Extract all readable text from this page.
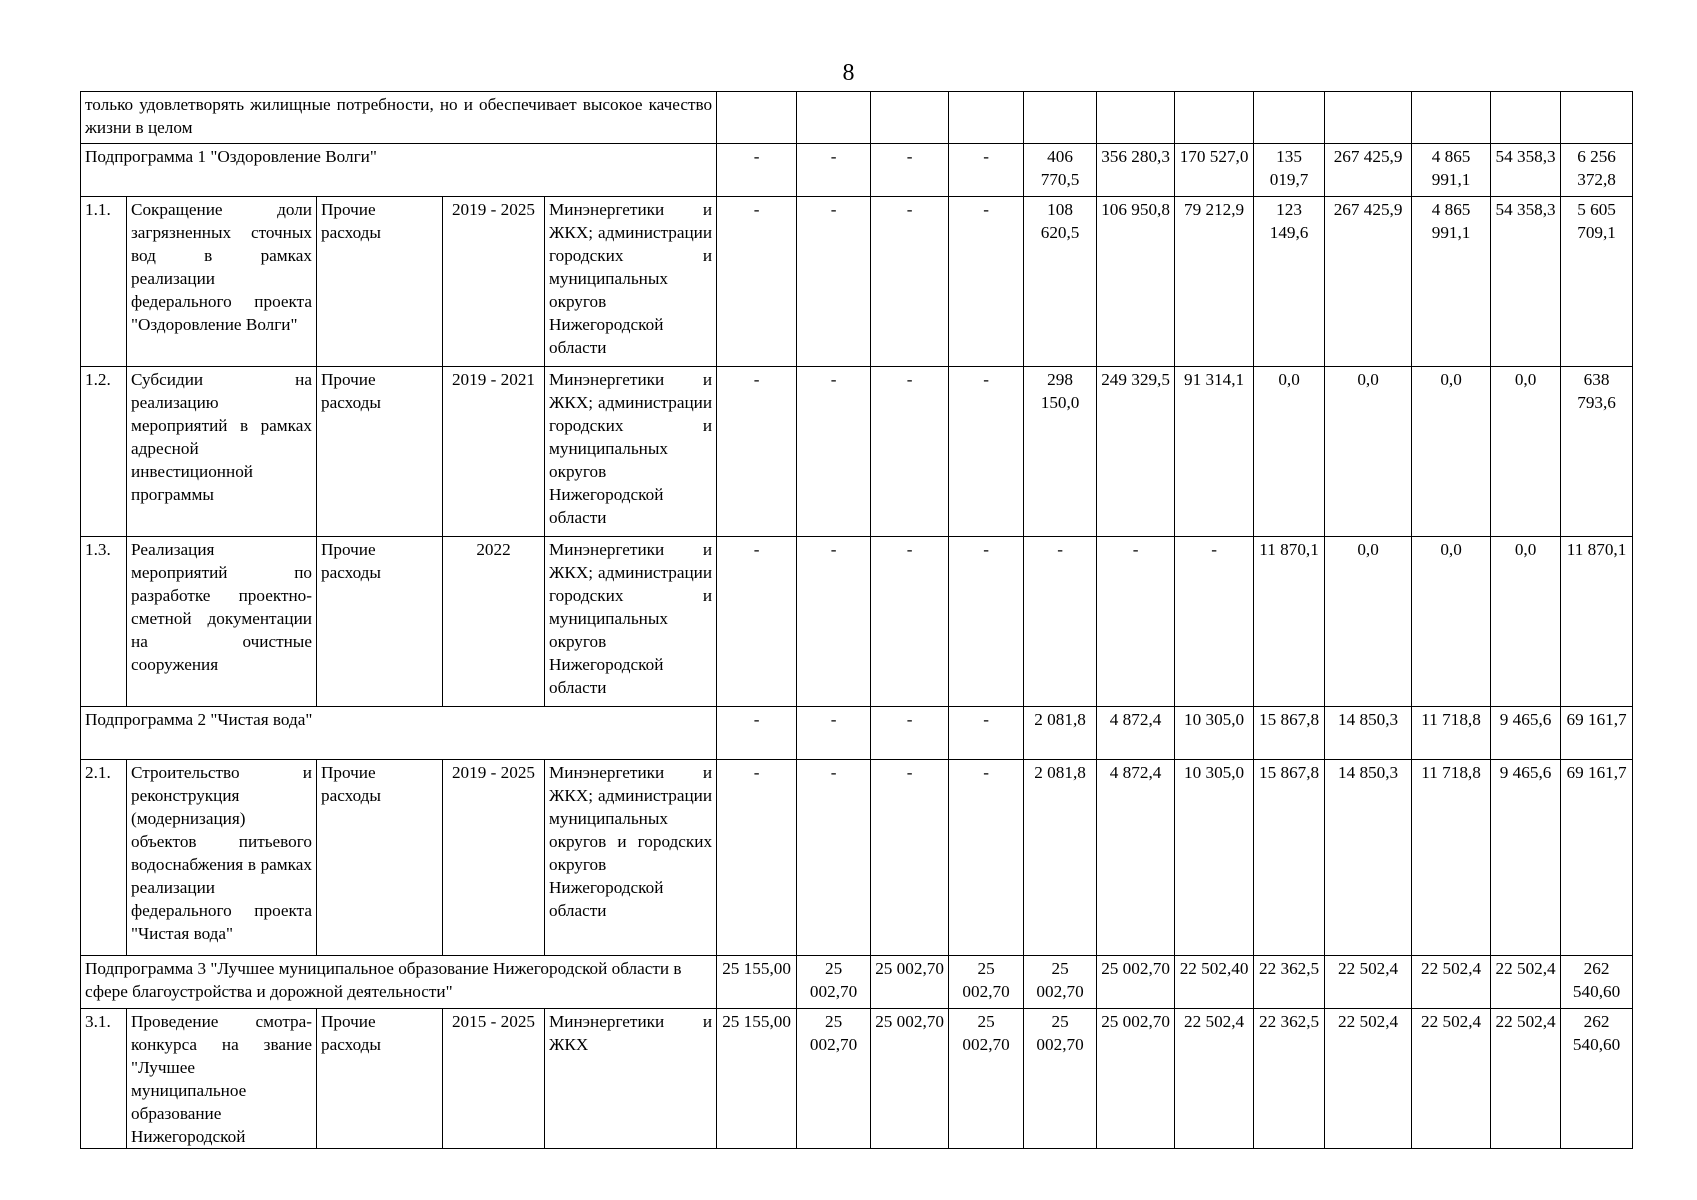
8
только удовлетворять жилищные потребности, но и обеспечивает высокое качество жизни в целом																
Подпрограмма 1 "Оздоровление Волги"					-	-	-	-	406 770,5	356 280,3	170 527,0	135 019,7	267 425,9	4 865 991,1	54 358,3	6 256 372,8
1.1.	Сокращение доли загрязненных сточных вод в рамках реализации федерального проекта "Оздоровление Волги"	Прочие расходы	2019 - 2025	Минэнергетики и ЖКХ; администрации городских и муниципальных округов Нижегородской области	-	-	-	-	108 620,5	106 950,8	79 212,9	123 149,6	267 425,9	4 865 991,1	54 358,3	5 605 709,1
1.2.	Субсидии на реализацию мероприятий в рамках адресной инвестиционной программы	Прочие расходы	2019 - 2021	Минэнергетики и ЖКХ; администрации городских и муниципальных округов Нижегородской области	-	-	-	-	298 150,0	249 329,5	91 314,1	0,0	0,0	0,0	0,0	638 793,6
1.3.	Реализация мероприятий по разработке проектно-сметной документации на очистные сооружения	Прочие расходы	2022	Минэнергетики и ЖКХ; администрации городских и муниципальных округов Нижегородской области	-	-	-	-	-	-	-	11 870,1	0,0	0,0	0,0	11 870,1
Подпрограмма 2 "Чистая вода"					-	-	-	-	2 081,8	4 872,4	10 305,0	15 867,8	14 850,3	11 718,8	9 465,6	69 161,7
2.1.	Строительство и реконструкция (модернизация) объектов питьевого водоснабжения в рамках реализации федерального проекта "Чистая вода"	Прочие расходы	2019 - 2025	Минэнергетики и ЖКХ; администрации муниципальных округов и городских округов Нижегородской области	-	-	-	-	2 081,8	4 872,4	10 305,0	15 867,8	14 850,3	11 718,8	9 465,6	69 161,7
Подпрограмма 3 "Лучшее муниципальное образование Нижегородской области в сфере благоустройства и дорожной деятельности"					25 155,00	25 002,70	25 002,70	25 002,70	25 002,70	25 002,70	22 502,40	22 362,5	22 502,4	22 502,4	22 502,4	262 540,60
3.1.	Проведение смотра-конкурса на звание "Лучшее муниципальное образование Нижегородской	Прочие расходы	2015 - 2025	Минэнергетики и ЖКХ	25 155,00	25 002,70	25 002,70	25 002,70	25 002,70	25 002,70	22 502,4	22 362,5	22 502,4	22 502,4	22 502,4	262 540,60
